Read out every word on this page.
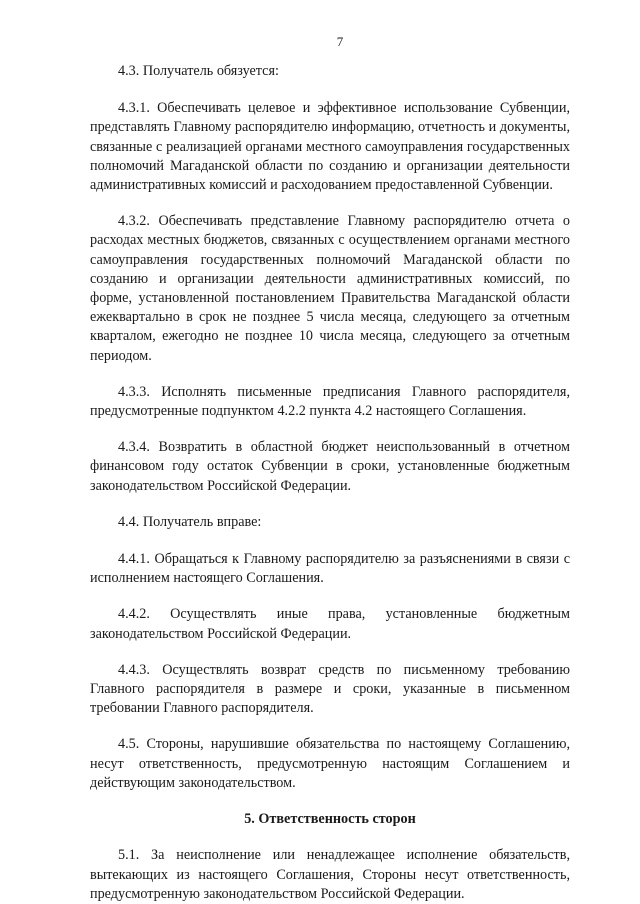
7

4.3. Получатель обязуется:

4.3.1. Обеспечивать целевое и эффективное использование Субвенции, представлять Главному распорядителю информацию, отчетность и документы, связанные с реализацией органами местного самоуправления государственных полномочий Магаданской области по созданию и организации деятельности административных комиссий и расходованием предоставленной Субвенции.

4.3.2. Обеспечивать представление Главному распорядителю отчета о расходах местных бюджетов, связанных с осуществлением органами местного самоуправления государственных полномочий Магаданской области по созданию и организации деятельности административных комиссий, по форме, установленной постановлением Правительства Магаданской области ежеквартально в срок не позднее 5 числа месяца, следующего за отчетным кварталом, ежегодно не позднее 10 числа месяца, следующего за отчетным периодом.

4.3.3. Исполнять письменные предписания Главного распорядителя, предусмотренные подпунктом 4.2.2 пункта 4.2 настоящего Соглашения.

4.3.4. Возвратить в областной бюджет неиспользованный в отчетном финансовом году остаток Субвенции в сроки, установленные бюджетным законодательством Российской Федерации.

4.4. Получатель вправе:

4.4.1. Обращаться к Главному распорядителю за разъяснениями в связи с исполнением настоящего Соглашения.

4.4.2. Осуществлять иные права, установленные бюджетным законодательством Российской Федерации.

4.4.3. Осуществлять возврат средств по письменному требованию Главного распорядителя в размере и сроки, указанные в письменном требовании Главного распорядителя.

4.5. Стороны, нарушившие обязательства по настоящему Соглашению, несут ответственность, предусмотренную настоящим Соглашением и действующим законодательством.

5. Ответственность сторон

5.1. За неисполнение или ненадлежащее исполнение обязательств, вытекающих из настоящего Соглашения, Стороны несут ответственность, предусмотренную законодательством Российской Федерации.
